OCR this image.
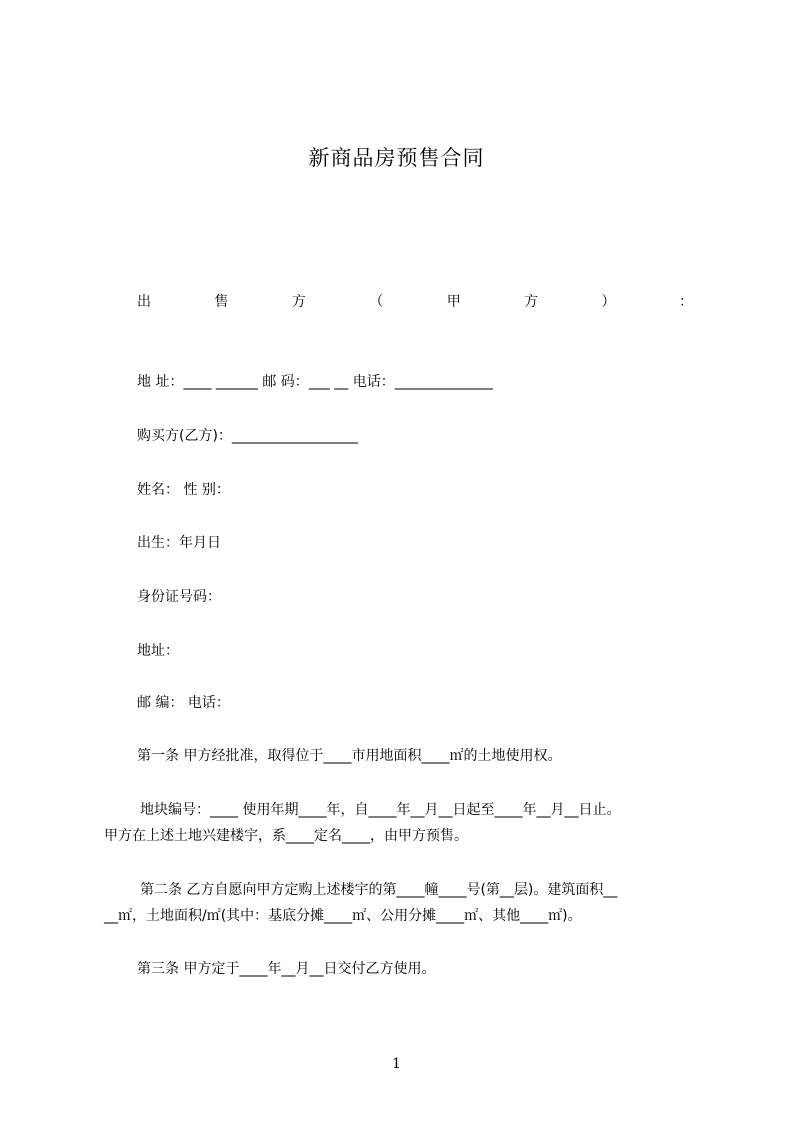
新商品房预售合同
出	售	方	（	甲	方	）	：
地 址：____ ______ 邮 码：___ __ 电话：______________
购买方(乙方)：__________________
姓名： 性 别：
出生：年月日
身份证号码：
地址：
邮 编： 电话：
第一条 甲方经批准，取得位于____市用地面积____㎡的土地使用权。
地块编号：____ 使用年期____年，自____年__月__日起至____年__月__日止。
甲方在上述土地兴建楼宇，系____定名____，由甲方预售。
第二条 乙方自愿向甲方定购上述楼宇的第____幢____号(第__层)。建筑面积__
__㎡，土地面积/㎡(其中：基底分摊____㎡、公用分摊____㎡、其他____㎡)。
第三条 甲方定于____年__月__日交付乙方使用。
1
